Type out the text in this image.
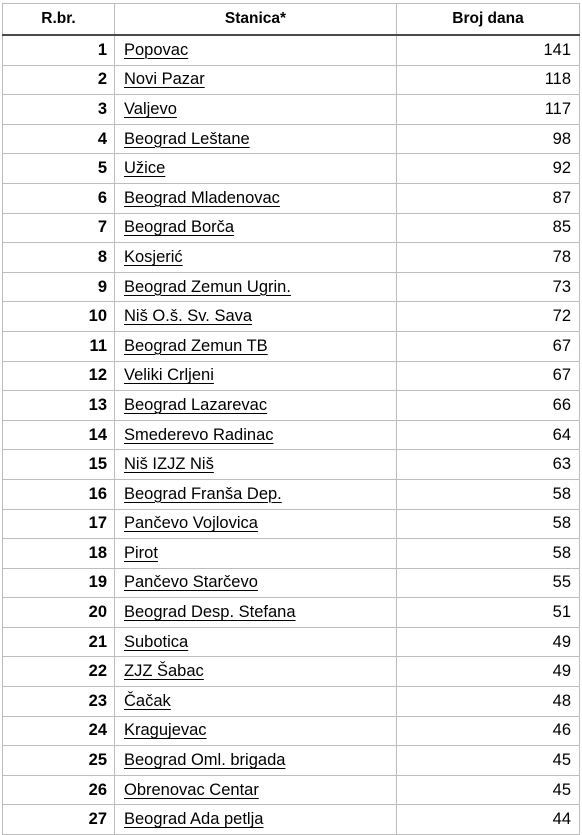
R.br.	Stanica*	Broj dana
1	Popovac	141
2	Novi Pazar	118
3	Valjevo	117
4	Beograd Leštane	98
5	Užice	92
6	Beograd Mladenovac	87
7	Beograd Borča	85
8	Kosjerić	78
9	Beograd Zemun Ugrin.	73
10	Niš O.š. Sv. Sava	72
11	Beograd Zemun TB	67
12	Veliki Crljeni	67
13	Beograd Lazarevac	66
14	Smederevo Radinac	64
15	Niš IZJZ Niš	63
16	Beograd Franša Dep.	58
17	Pančevo Vojlovica	58
18	Pirot	58
19	Pančevo Starčevo	55
20	Beograd Desp. Stefana	51
21	Subotica	49
22	ZJZ Šabac	49
23	Čačak	48
24	Kragujevac	46
25	Beograd Oml. brigada	45
26	Obrenovac Centar	45
27	Beograd Ada petlja	44
